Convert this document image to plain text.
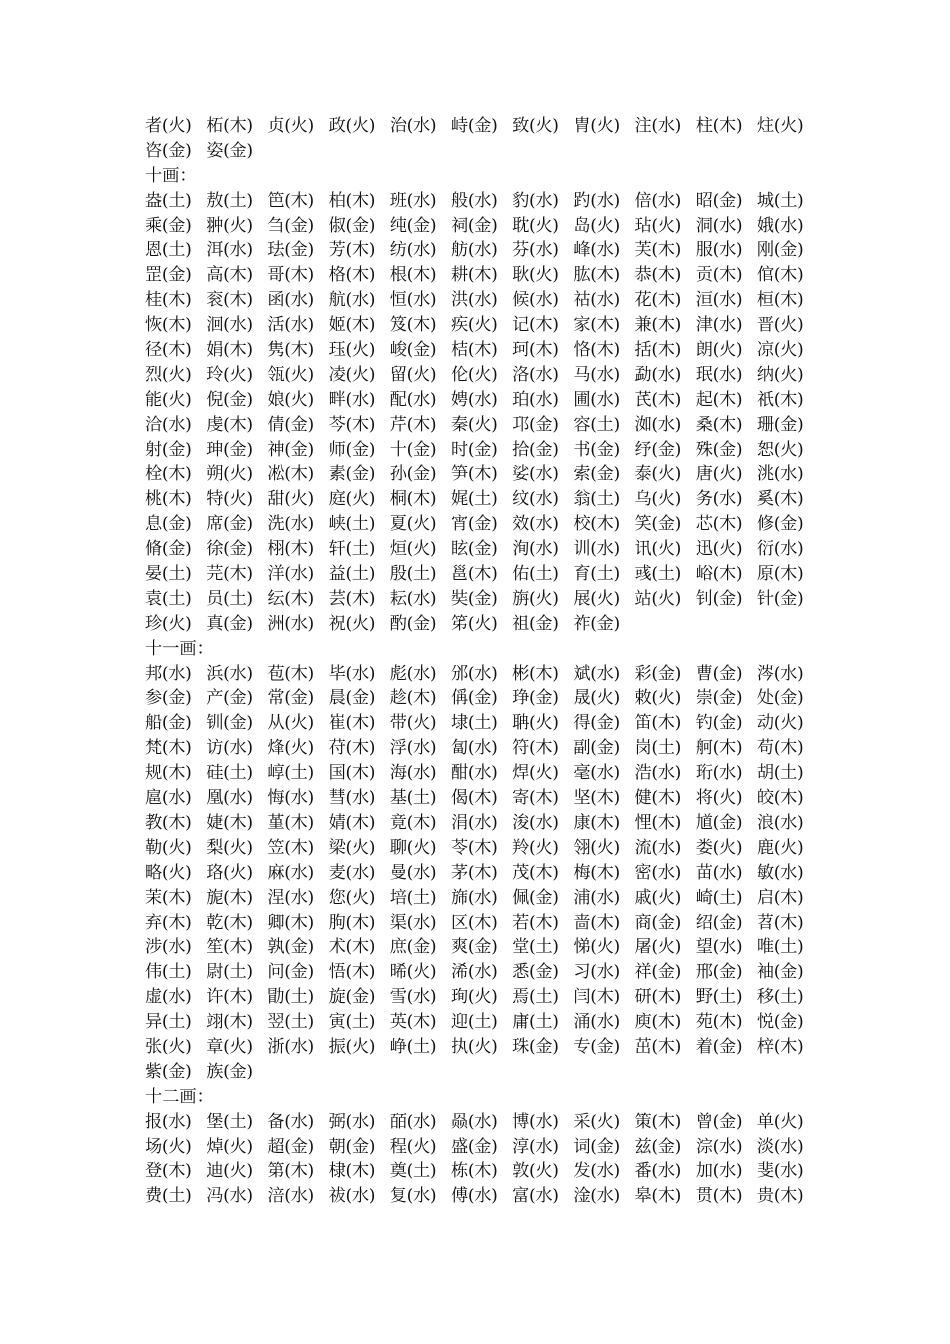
者(火) 柘(木) 贞(火) 政(火) 治(水) 峙(金) 致(火) 胄(火) 注(水) 柱(木) 炷(火)
咨(金) 姿(金)
十画：
盎(土) 敖(土) 笆(木) 柏(木) 班(水) 般(水) 豹(水) 趵(水) 倍(水) 昭(金) 城(土)
乘(金) 翀(火) 刍(金) 俶(金) 纯(金) 祠(金) 耽(火) 岛(火) 玷(火) 洞(水) 娥(水)
恩(土) 洱(水) 珐(金) 芳(木) 纺(水) 舫(水) 芬(水) 峰(水) 芙(木) 服(水) 刚(金)
罡(金) 高(木) 哥(木) 格(木) 根(木) 耕(木) 耿(火) 肱(木) 恭(木) 贡(木) 倌(木)
桂(木) 衮(木) 函(水) 航(水) 恒(水) 洪(水) 候(水) 祜(水) 花(木) 洹(水) 桓(木)
恢(木) 洄(水) 活(水) 姬(木) 笈(木) 疾(火) 记(木) 家(木) 兼(木) 津(水) 晋(火)
径(木) 娟(木) 隽(木) 珏(火) 峻(金) 桔(木) 珂(木) 恪(木) 括(木) 朗(火) 凉(火)
烈(火) 玲(火) 瓴(火) 凌(火) 留(火) 伦(火) 洛(水) 马(水) 勐(水) 珉(水) 纳(火)
能(火) 倪(金) 娘(火) 畔(水) 配(水) 娉(水) 珀(水) 圃(水) 芪(木) 起(木) 祇(木)
洽(水) 虔(木) 倩(金) 芩(木) 芹(木) 秦(火) 邛(金) 容(土) 洳(水) 桑(木) 珊(金)
射(金) 珅(金) 神(金) 师(金) 十(金) 时(金) 拾(金) 书(金) 纾(金) 殊(金) 恕(火)
栓(木) 朔(火) 凇(木) 素(金) 孙(金) 笋(木) 娑(水) 索(金) 泰(火) 唐(火) 洮(水)
桃(木) 特(火) 甜(火) 庭(火) 桐(木) 娓(土) 纹(水) 翁(土) 乌(火) 务(水) 奚(木)
息(金) 席(金) 洗(水) 峡(土) 夏(火) 宵(金) 效(水) 校(木) 笑(金) 芯(木) 修(金)
脩(金) 徐(金) 栩(木) 轩(土) 烜(火) 眩(金) 洵(水) 训(水) 讯(火) 迅(火) 衍(水)
晏(土) 芫(木) 洋(水) 益(土) 殷(土) 邕(木) 佑(土) 育(土) 彧(土) 峪(木) 原(木)
袁(土) 员(土) 纭(木) 芸(木) 耘(水) 奘(金) 旃(火) 展(火) 站(火) 钊(金) 针(金)
珍(火) 真(金) 洲(水) 祝(火) 酌(金) 笫(火) 祖(金) 祚(金)
十一画：
邦(水) 浜(水) 苞(木) 毕(水) 彪(水) 邠(水) 彬(木) 斌(水) 彩(金) 曹(金) 涔(水)
参(金) 产(金) 常(金) 晨(金) 趁(木) 偁(金) 琤(金) 晟(火) 敕(火) 崇(金) 处(金)
船(金) 钏(金) 从(火) 崔(木) 带(火) 埭(土) 聃(火) 得(金) 笛(木) 钓(金) 动(火)
梵(木) 访(水) 烽(火) 苻(木) 浮(水) 匐(水) 符(木) 副(金) 岗(土) 舸(木) 苟(木)
规(木) 硅(土) 崞(土) 国(木) 海(水) 酣(水) 焊(火) 毫(水) 浩(水) 珩(水) 胡(土)
扈(水) 凰(水) 悔(水) 彗(水) 基(土) 偈(木) 寄(木) 坚(木) 健(木) 将(火) 皎(木)
教(木) 婕(木) 堇(木) 婧(木) 竟(木) 涓(水) 浚(水) 康(木) 悝(木) 馗(金) 浪(水)
勒(火) 梨(火) 笠(木) 梁(火) 聊(火) 苓(木) 羚(火) 翎(火) 流(水) 娄(火) 鹿(火)
略(火) 珞(火) 麻(水) 麦(水) 曼(水) 茅(木) 茂(木) 梅(木) 密(水) 苗(水) 敏(水)
茉(木) 旎(木) 涅(水) 您(火) 培(土) 旆(水) 佩(金) 浦(水) 戚(火) 崎(土) 启(木)
弃(木) 乾(木) 卿(木) 朐(木) 渠(水) 区(木) 若(木) 啬(木) 商(金) 绍(金) 苕(木)
涉(水) 笙(木) 孰(金) 术(木) 庶(金) 爽(金) 堂(土) 悌(火) 屠(火) 望(水) 唯(土)
伟(土) 尉(土) 问(金) 悟(木) 晞(火) 浠(水) 悉(金) 习(水) 祥(金) 邢(金) 袖(金)
虚(水) 许(木) 勖(土) 旋(金) 雪(水) 珣(火) 焉(土) 闫(木) 研(木) 野(土) 移(土)
异(土) 翊(木) 翌(土) 寅(土) 英(木) 迎(土) 庸(土) 涌(水) 庾(木) 苑(木) 悦(金)
张(火) 章(火) 浙(水) 振(火) 峥(土) 执(火) 珠(金) 专(金) 茁(木) 着(金) 梓(木)
紫(金) 族(金)
十二画：
报(水) 堡(土) 备(水) 弼(水) 皕(水) 赑(水) 博(水) 采(火) 策(木) 曾(金) 单(火)
场(火) 焯(火) 超(金) 朝(金) 程(火) 盛(金) 淳(水) 词(金) 兹(金) 淙(水) 淡(水)
登(木) 迪(火) 第(木) 棣(木) 奠(土) 栋(木) 敦(火) 发(水) 番(水) 加(水) 斐(水)
费(土) 冯(水) 涪(水) 祓(水) 复(水) 傅(水) 富(水) 淦(水) 皋(木) 贯(木) 贵(木)
